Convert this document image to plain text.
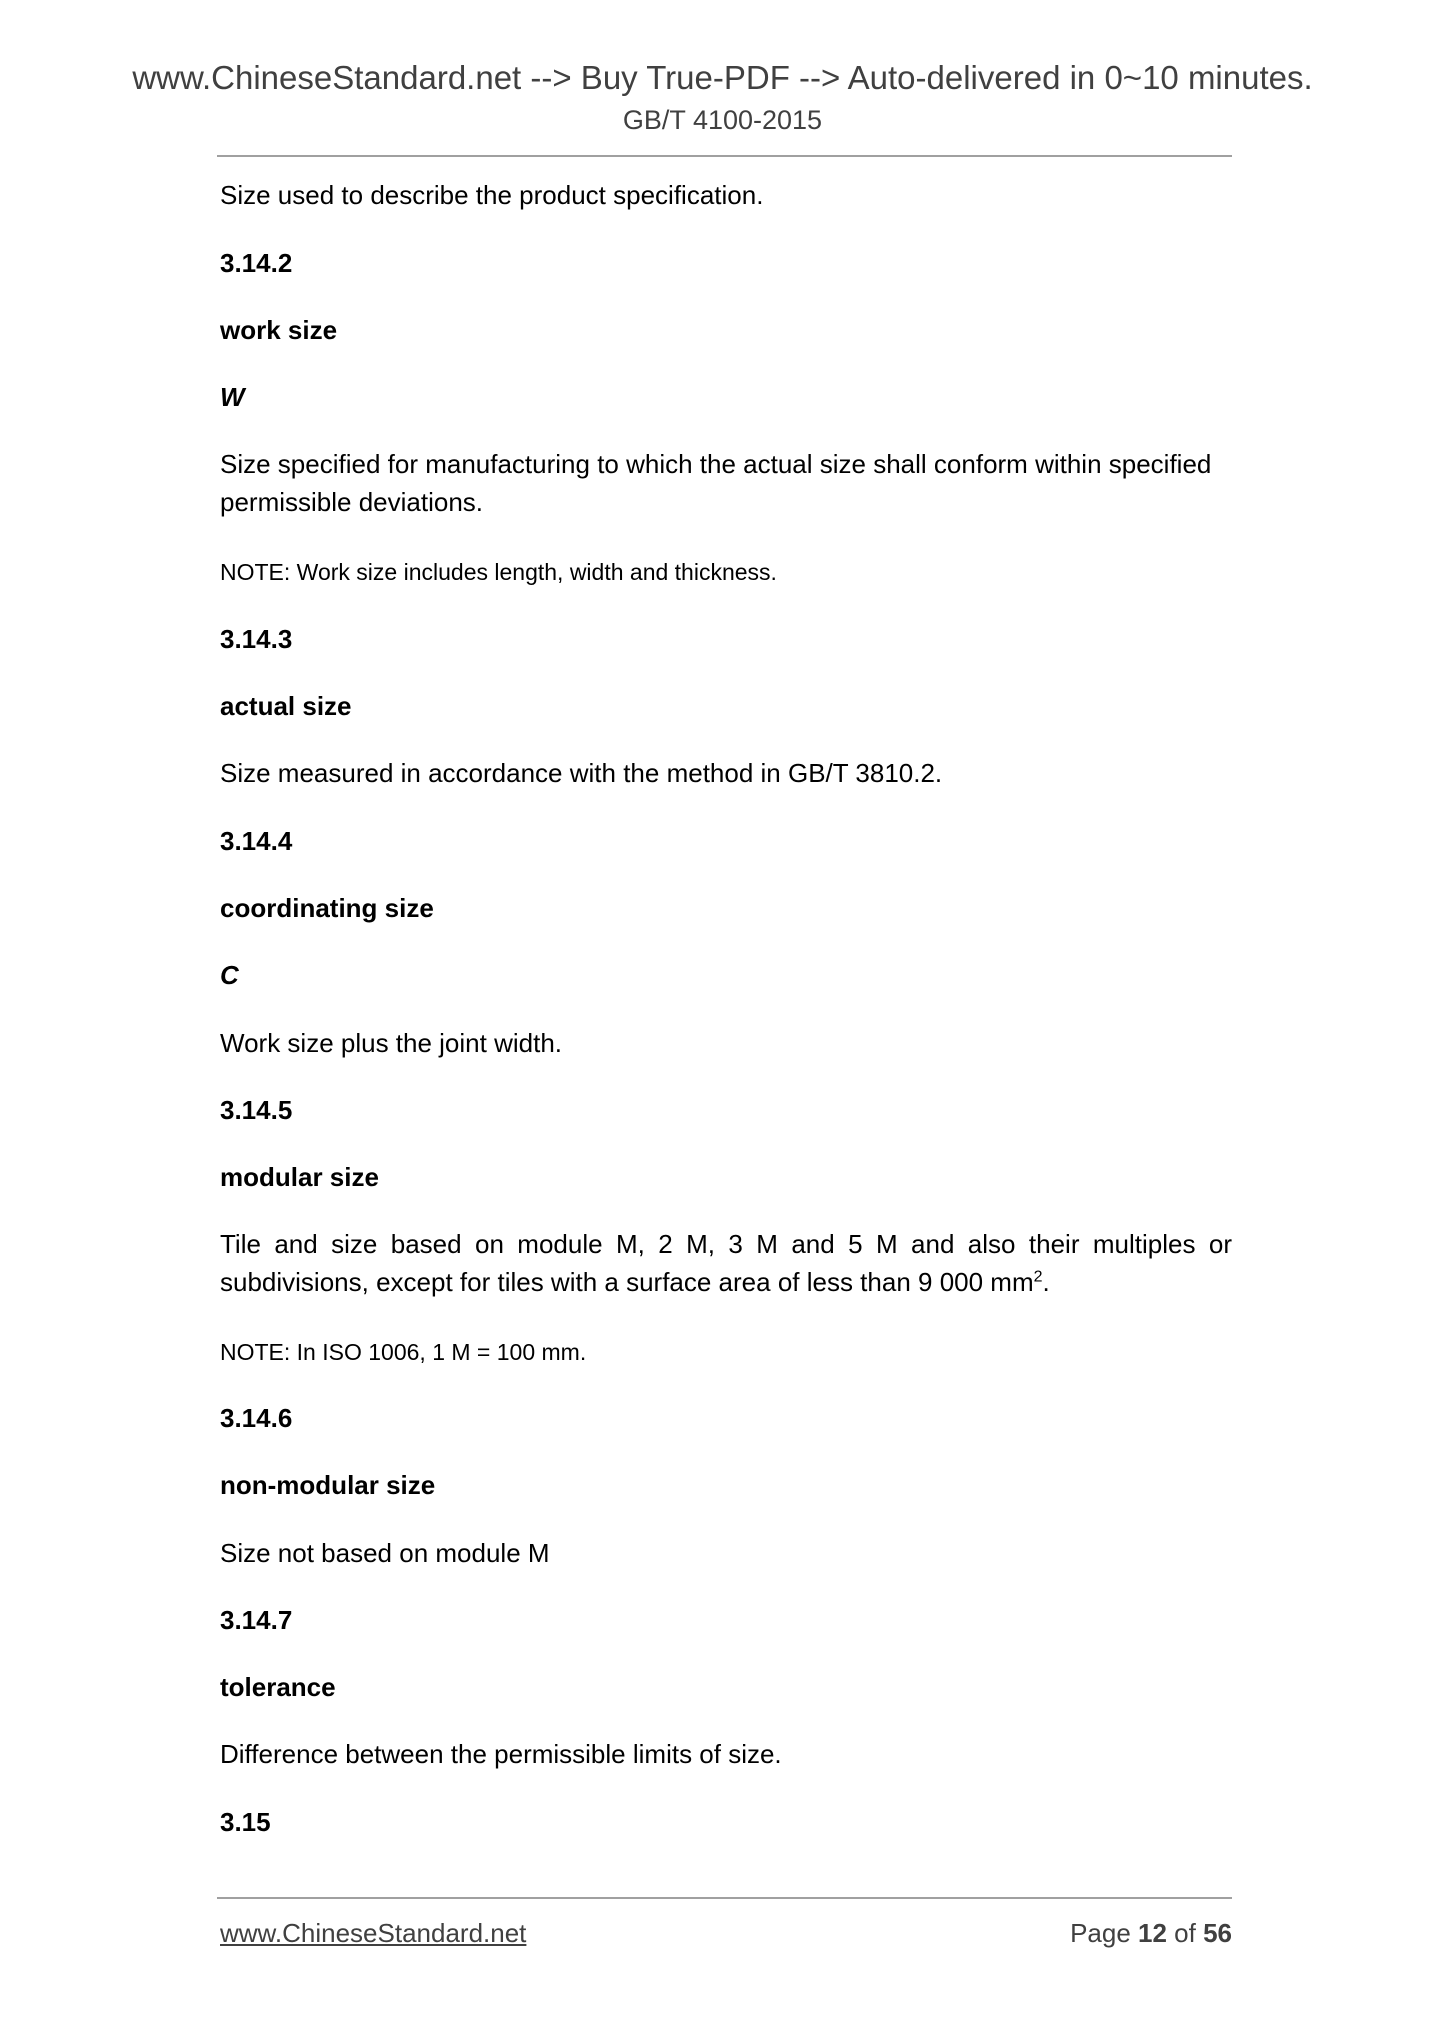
www.ChineseStandard.net --> Buy True-PDF --> Auto-delivered in 0~10 minutes.
GB/T 4100-2015
Size used to describe the product specification.
3.14.2
work size
W
Size specified for manufacturing to which the actual size shall conform within specified permissible deviations.
NOTE: Work size includes length, width and thickness.
3.14.3
actual size
Size measured in accordance with the method in GB/T 3810.2.
3.14.4
coordinating size
C
Work size plus the joint width.
3.14.5
modular size
Tile and size based on module M, 2 M, 3 M and 5 M and also their multiples or subdivisions, except for tiles with a surface area of less than 9 000 $mm^2$.
NOTE: In ISO 1006, 1 M = 100 mm.
3.14.6
non-modular size
Size not based on module M
3.14.7
tolerance
Difference between the permissible limits of size.
3.15
www.ChineseStandard.net	Page 12 of 56
